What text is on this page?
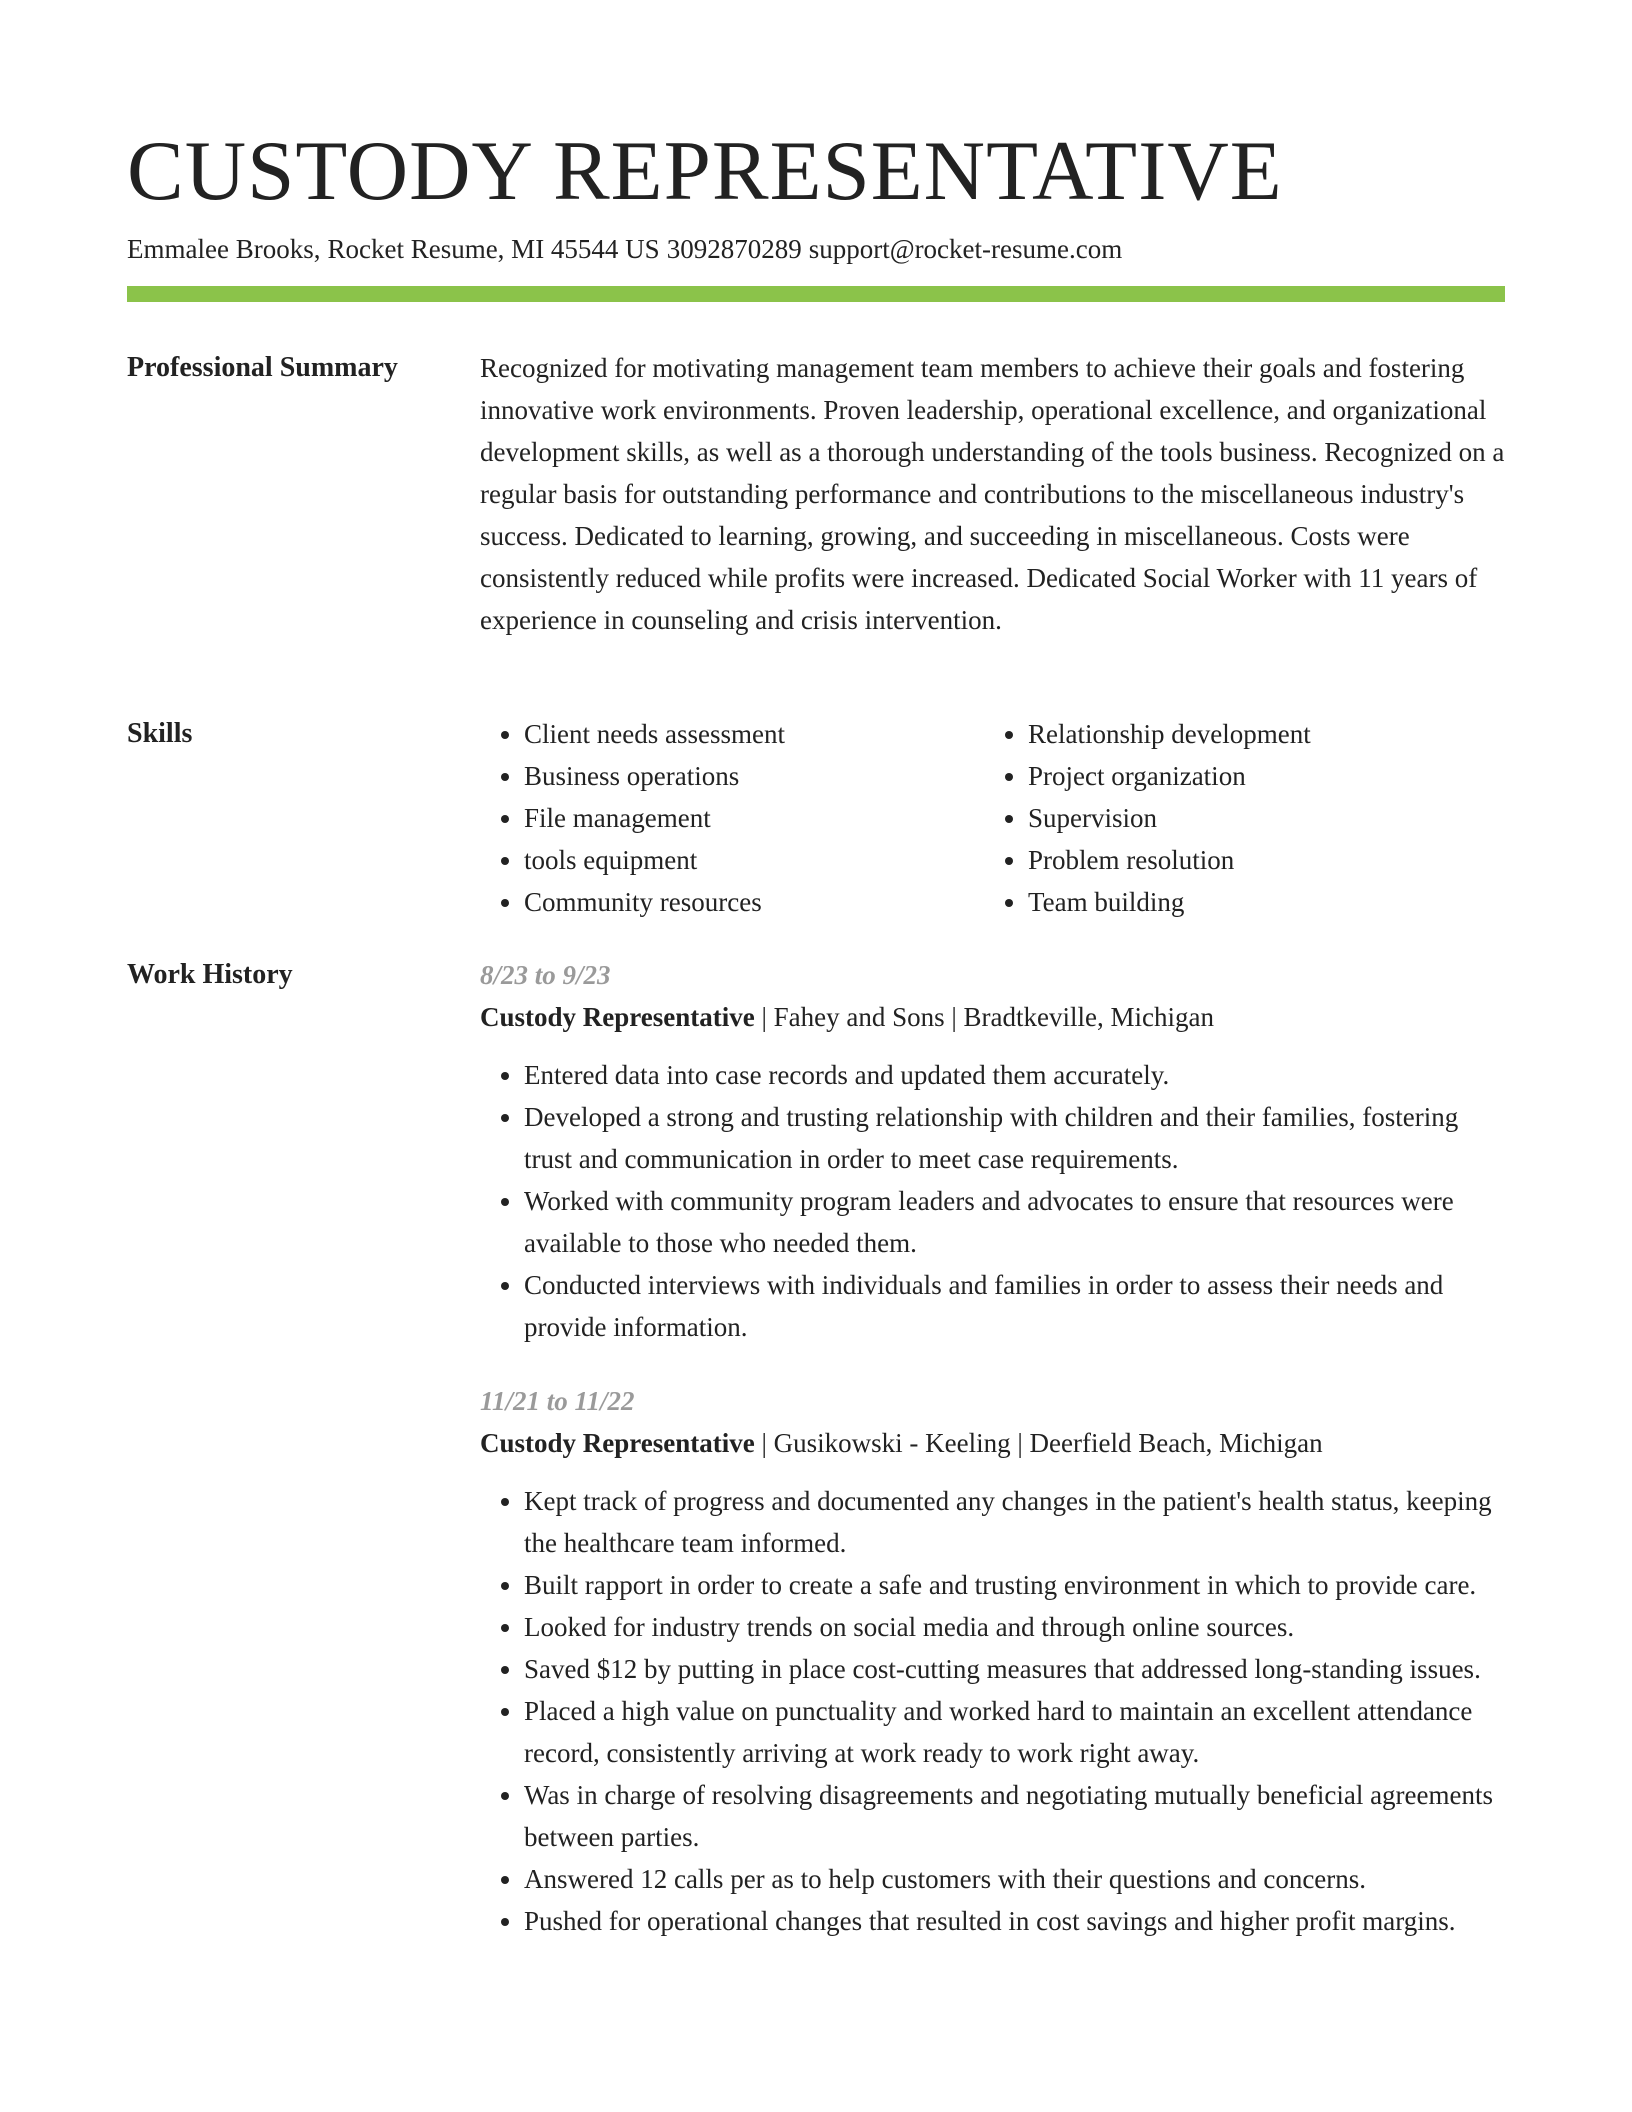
CUSTODY REPRESENTATIVE
Emmalee Brooks, Rocket Resume, MI 45544 US 3092870289 support@rocket-resume.com
Professional Summary	Recognized for motivating management team members to achieve their goals and fostering innovative work environments. Proven leadership, operational excellence, and organizational development skills, as well as a thorough understanding of the tools business. Recognized on a regular basis for outstanding performance and contributions to the miscellaneous industry's success. Dedicated to learning, growing, and succeeding in miscellaneous. Costs were consistently reduced while profits were increased. Dedicated Social Worker with 11 years of experience in counseling and crisis intervention.

Skills
•	Client needs assessment
• Business operations
• File management
• tools equipment
• Community resources
• Relationship development
• Project organization
• Supervision
• Problem resolution
• Team building
Work History	8/23 to 9/23
Custody Representative | Fahey and Sons | Bradtkeville, Michigan
• Entered data into case records and updated them accurately.
• Developed a strong and trusting relationship with children and their families, fostering trust and communication in order to meet case requirements.
• Worked with community program leaders and advocates to ensure that resources were available to those who needed them.
• Conducted interviews with individuals and families in order to assess their needs and provide information.
11/21 to 11/22
Custody Representative | Gusikowski - Keeling | Deerfield Beach, Michigan
• Kept track of progress and documented any changes in the patient's health status, keeping the healthcare team informed.
• Built rapport in order to create a safe and trusting environment in which to provide care.
• Looked for industry trends on social media and through online sources.
• Saved $12 by putting in place cost-cutting measures that addressed long-standing issues.
• Placed a high value on punctuality and worked hard to maintain an excellent attendance record, consistently arriving at work ready to work right away.
• Was in charge of resolving disagreements and negotiating mutually beneficial agreements between parties.
• Answered 12 calls per as to help customers with their questions and concerns.
• Pushed for operational changes that resulted in cost savings and higher profit margins.
